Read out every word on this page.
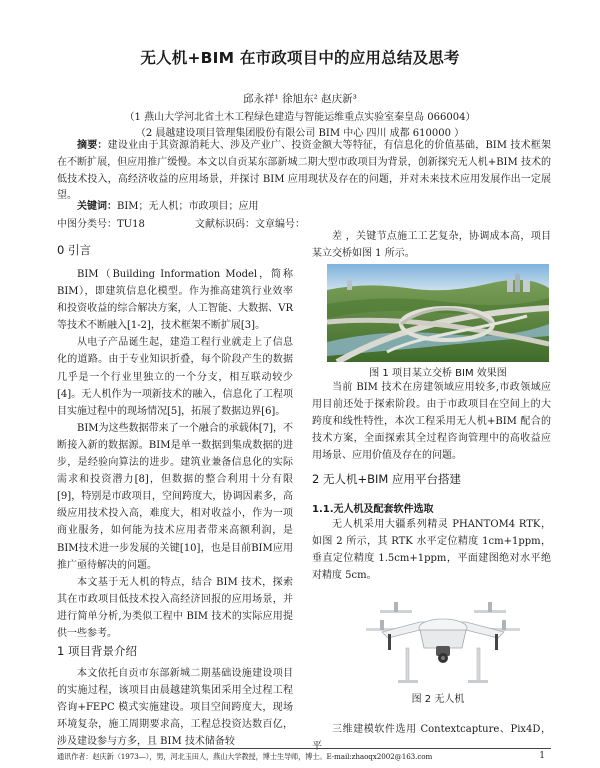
无人机+BIM 在市政项目中的应用总结及思考
邱永祥¹ 徐旭东² 赵庆新³
（1 燕山大学河北省土木工程绿色建造与智能运维重点实验室秦皇岛 066004）
（2 晨越建设项目管理集团股份有限公司 BIM 中心 四川 成都 610000 ）
摘要：建设业由于其资源消耗大、涉及产业广、投资金额大等特征，有信息化的价值基础，BIM 技术框架在不断扩展，但应用推广缓慢。本文以自贡某东部新城二期大型市政项目为背景，创新探究无人机+BIM 技术的低技术投入，高经济收益的应用场景，并探讨 BIM 应用现状及存在的问题，并对未来技术应用发展作出一定展望。
关键词：BIM；无人机；市政项目；应用
中图分类号：TU18	文献标识码：文章编号：
0 引言

BIM（Building Information Model，简称BIM），即建筑信息化模型。作为推高建筑行业效率和投资收益的综合解决方案，人工智能、大数据、VR等技术不断融入[1-2]，技术框架不断扩展[3]。

从电子产品诞生起，建造工程行业就走上了信息化的道路。由于专业知识折叠，每个阶段产生的数据几乎是一个行业里独立的一个分支，相互联动较少[4]。无人机作为一项新技术的融入，信息化了工程项目实施过程中的现场情况[5]，拓展了数据边界[6]。

BIM为这些数据带来了一个融合的承载体[7]，不断接入新的数据源。BIM是单一数据到集成数据的进步，是经验向算法的进步。建筑业兼备信息化的实际需求和投资潜力[8]，但数据的整合利用十分有限[9]，特别是市政项目，空间跨度大，协调因素多，高级应用技术投入高，难度大，相对收益小，作为一项商业服务，如何能为技术应用者带来高额利润，是BIM技术进一步发展的关键[10]，也是目前BIM应用推广亟待解决的问题。

本文基于无人机的特点，结合 BIM 技术，探索其在市政项目低技术投入高经济回报的应用场景，并进行简单分析,为类似工程中 BIM 技术的实际应用提供一些参考。

1 项目背景介绍

本文依托自贡市东部新城二期基础设施建设项目的实施过程，该项目由晨越建筑集团采用全过程工程咨询+FEPC 模式实施建设。项目空间跨度大，现场环境复杂，施工周期要求高，工程总投资达数百亿，涉及建设参与方多，且 BIM 技术储备较

差 ，关键节点施工工艺复杂，协调成本高，项目某立交桥如图 1 所示。

图 1 项目某立交桥 BIM 效果图

当前 BIM 技术在房建领域应用较多,市政领域应用目前还处于探索阶段。由于市政项目在空间上的大跨度和线性特性，本次工程采用无人机+BIM 配合的技术方案，全面探索其全过程咨询管理中的高收益应用场景、应用价值及存在的问题。

2 无人机+BIM 应用平台搭建
1.1.无人机及配套软件选取

无人机采用大疆系列精灵 PHANTOM4 RTK，如图 2 所示，其 RTK 水平定位精度 1cm+1ppm，垂直定位精度 1.5cm+1ppm，平面建图绝对水平绝对精度 5cm。

图 2 无人机

三维建模软件选用 Contextcapture、Pix4D，平

通讯作者：赵庆新（1973—），男，河北玉田人，燕山大学教授，博士生导师，博士。E-mail:zhaoqx2002@163.com	1
